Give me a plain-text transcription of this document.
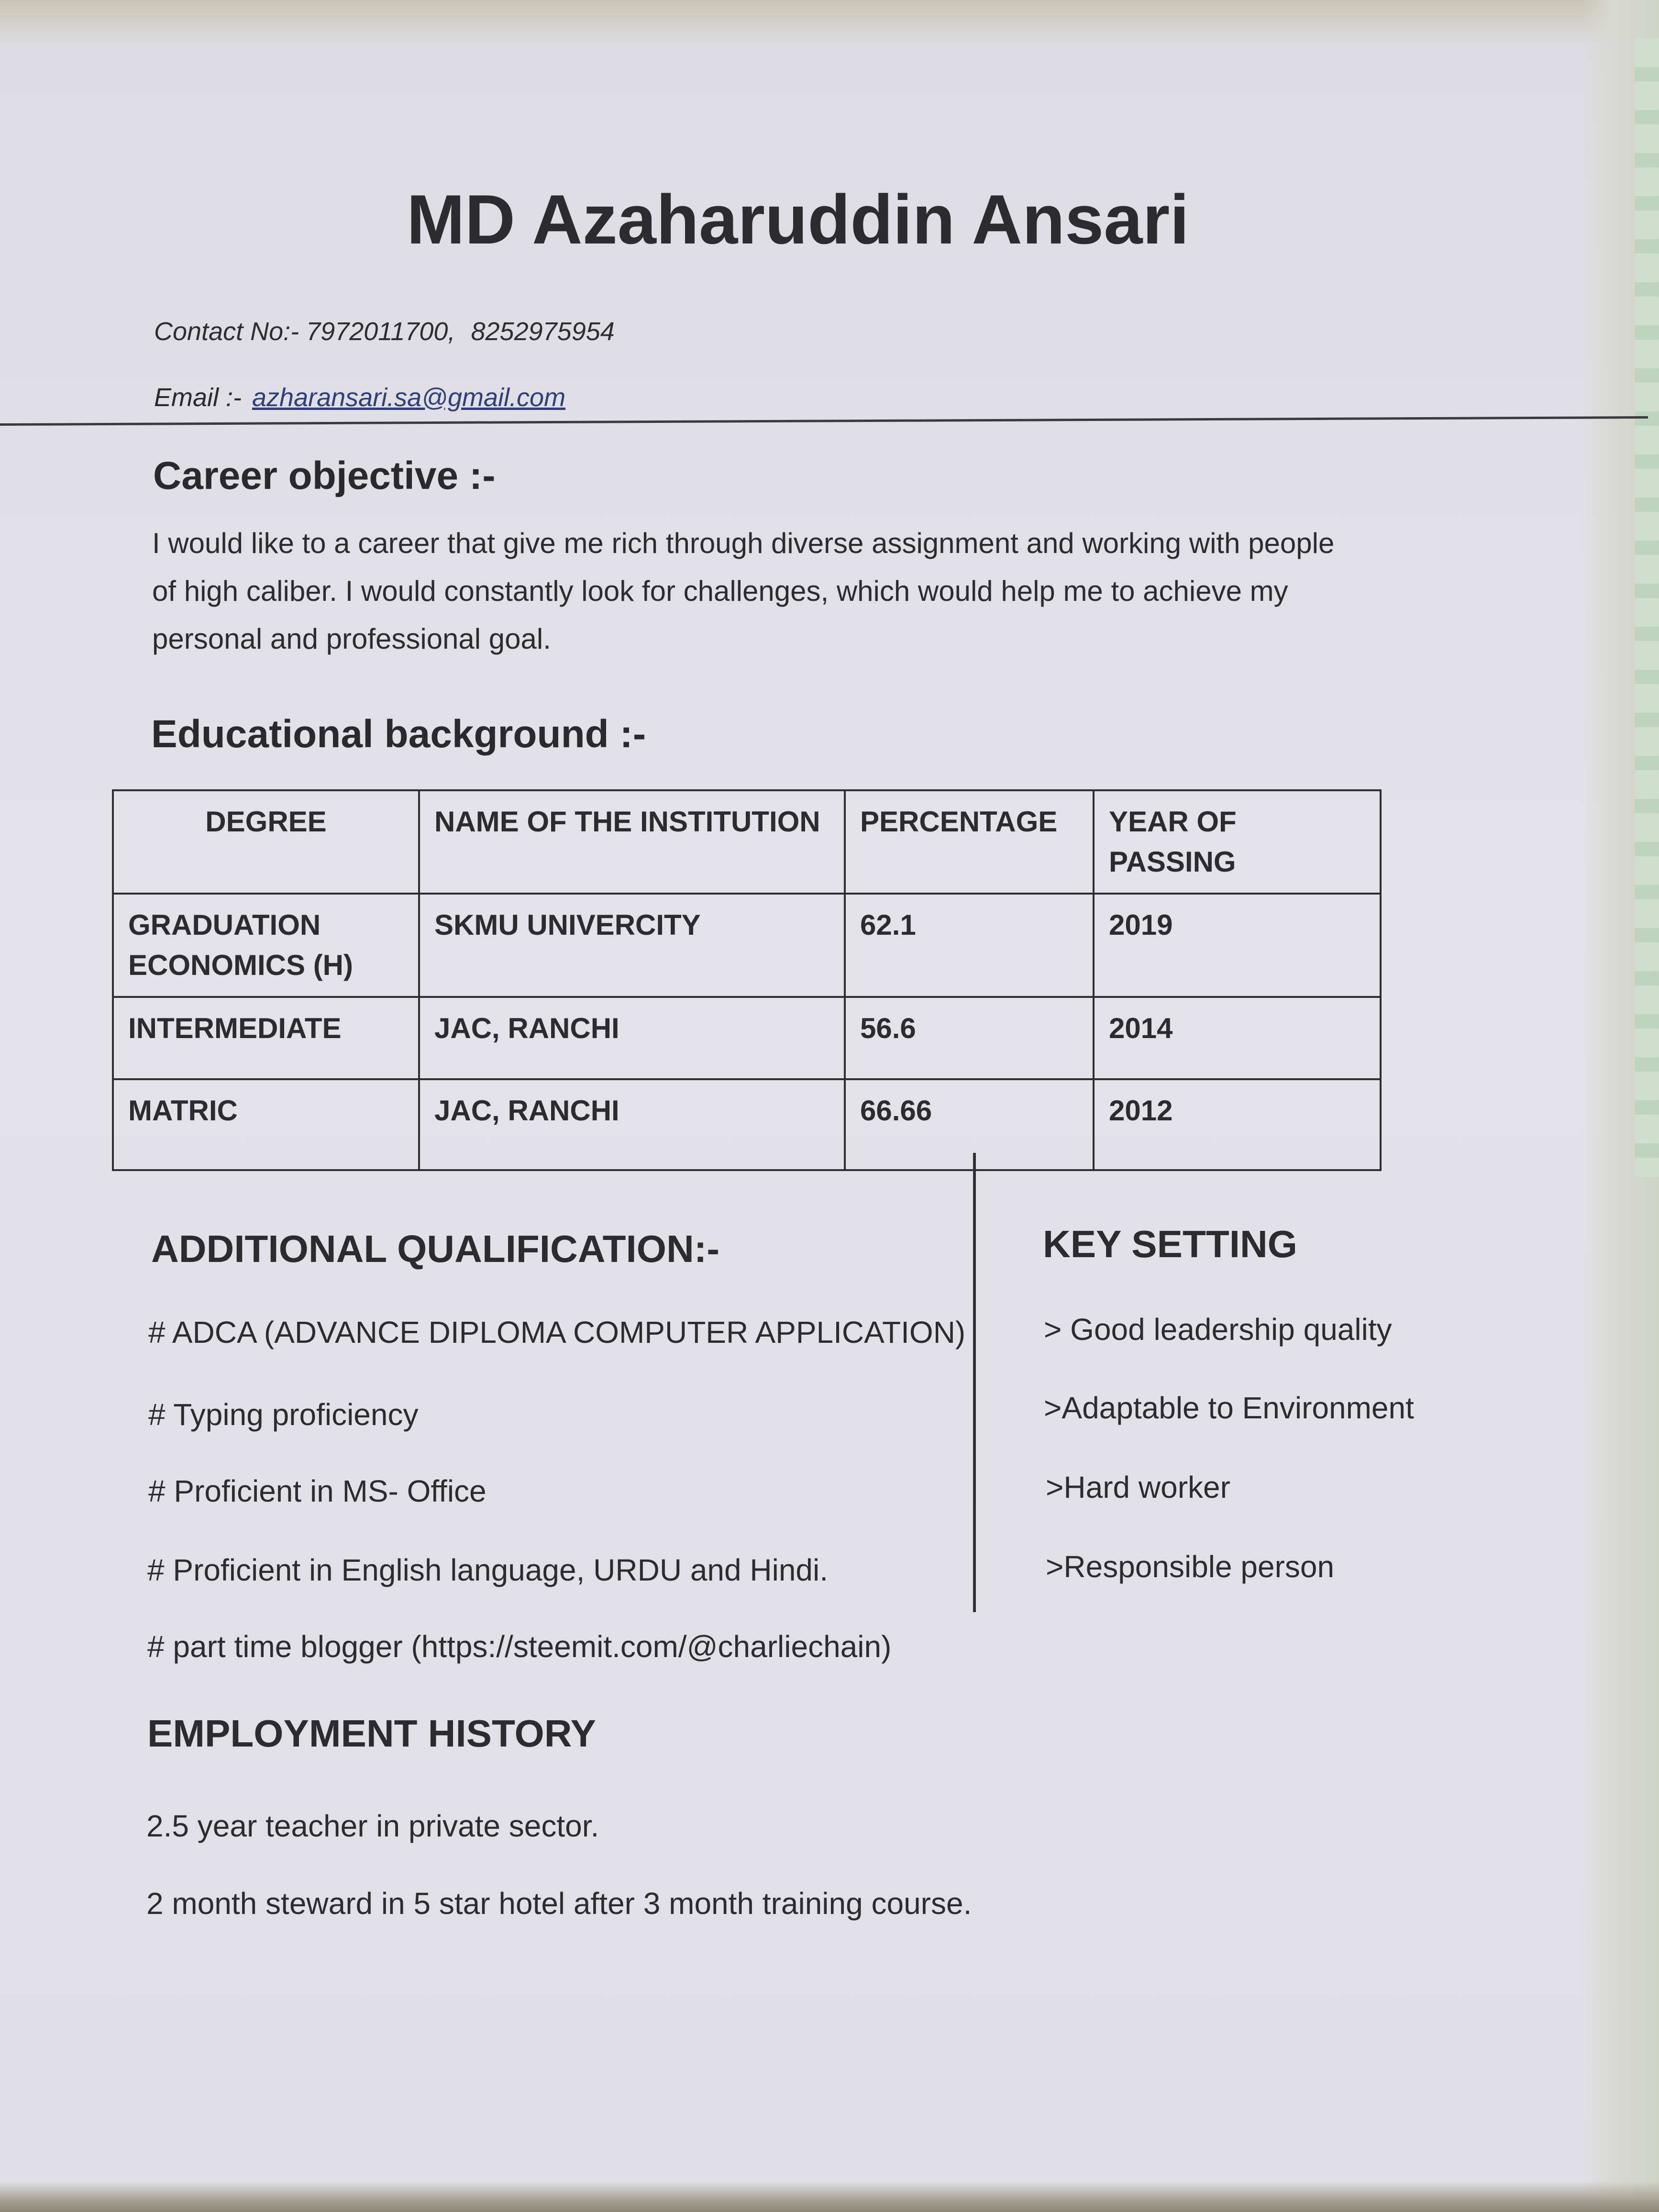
MD Azaharuddin Ansari
Contact No:- 7972011700, 8252975954
Email :- azharansari.sa@gmail.com
Career objective :-

I would like to a career that give me rich through diverse assignment and working with people

of high caliber. I would constantly look for challenges, which would help me to achieve my

personal and professional goal.

Educational background :-
DEGREE	NAME OF THE INSTITUTION	PERCENTAGE	YEAR OF PASSING

GRADUATION
ECONOMICS (H)	SKMU UNIVERCITY	62.1	2019
INTERMEDIATE	JAC, RANCHI	56.6	2014
MATRIC	JAC, RANCHI	66.66	2012
ADDITIONAL QUALIFICATION:-
# ADCA (ADVANCE DIPLOMA COMPUTER APPLICATION)
# Typing proficiency
# Proficient in MS- Office
# Proficient in English language, URDU and Hindi.
# part time blogger (https://steemit.com/@charliechain)
KEY SETTING
> Good leadership quality
>Adaptable to Environment
>Hard worker
>Responsible person
EMPLOYMENT HISTORY
2.5 year teacher in private sector.
2 month steward in 5 star hotel after 3 month training course.
